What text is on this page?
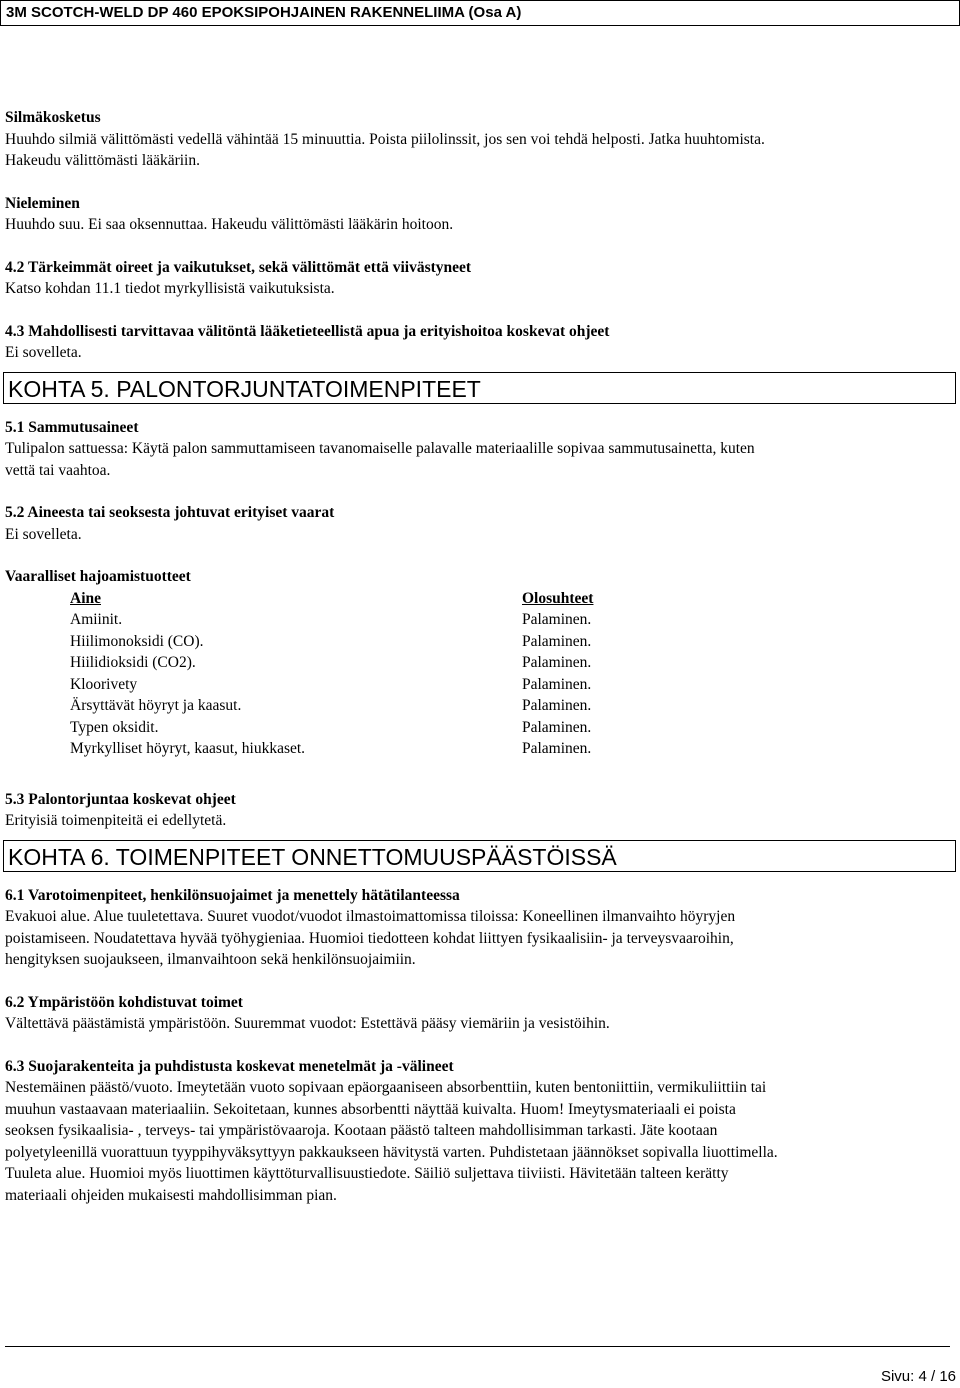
3M SCOTCH-WELD DP 460 EPOKSIPOHJAINEN RAKENNELIIMA (Osa A)
Silmäkosketus
Huuhdo silmiä välittömästi vedellä vähintää 15 minuuttia. Poista piilolinssit, jos sen voi tehdä helposti. Jatka huuhtomista.
Hakeudu välittömästi lääkäriin.
Nieleminen
Huuhdo suu. Ei saa oksennuttaa. Hakeudu välittömästi lääkärin hoitoon.
4.2 Tärkeimmät oireet ja vaikutukset, sekä välittömät että viivästyneet
Katso kohdan 11.1 tiedot myrkyllisistä vaikutuksista.
4.3 Mahdollisesti tarvittavaa välitöntä lääketieteellistä apua ja erityishoitoa koskevat ohjeet
Ei sovelleta.
KOHTA 5. PALONTORJUNTATOIMENPITEET
5.1 Sammutusaineet
Tulipalon sattuessa: Käytä palon sammuttamiseen tavanomaiselle palavalle materiaalille sopivaa sammutusainetta, kuten
vettä tai vaahtoa.
5.2 Aineesta tai seoksesta johtuvat erityiset vaarat
Ei sovelleta.
Vaaralliset hajoamistuotteet
Aine	Olosuhteet
Amiinit.	Palaminen.
Hiilimonoksidi (CO).	Palaminen.
Hiilidioksidi (CO2).	Palaminen.
Kloorivety	Palaminen.
Ärsyttävät höyryt ja kaasut.	Palaminen.
Typen oksidit.	Palaminen.
Myrkylliset höyryt, kaasut, hiukkaset.	Palaminen.
5.3 Palontorjuntaa koskevat ohjeet
Erityisiä toimenpiteitä ei edellytetä.
KOHTA 6. TOIMENPITEET ONNETTOMUUSPÄÄSTÖISSÄ
6.1 Varotoimenpiteet, henkilönsuojaimet ja menettely hätätilanteessa
Evakuoi alue. Alue tuuletettava. Suuret vuodot/vuodot ilmastoimattomissa tiloissa: Koneellinen ilmanvaihto höyryjen
poistamiseen. Noudatettava hyvää työhygieniaa. Huomioi tiedotteen kohdat liittyen fysikaalisiin- ja terveysvaaroihin,
hengityksen suojaukseen, ilmanvaihtoon sekä henkilönsuojaimiin.
6.2 Ympäristöön kohdistuvat toimet
Vältettävä päästämistä ympäristöön. Suuremmat vuodot: Estettävä pääsy viemäriin ja vesistöihin.
6.3 Suojarakenteita ja puhdistusta koskevat menetelmät ja -välineet
Nestemäinen päästö/vuoto. Imeytetään vuoto sopivaan epäorgaaniseen absorbenttiin, kuten bentoniittiin, vermikuliittiin tai
muuhun vastaavaan materiaaliin. Sekoitetaan, kunnes absorbentti näyttää kuivalta. Huom! Imeytysmateriaali ei poista
seoksen fysikaalisia- , terveys- tai ympäristövaaroja. Kootaan päästö talteen mahdollisimman tarkasti. Jäte kootaan
polyetyleenillä vuorattuun tyyppihyväksyttyyn pakkaukseen hävitystä varten. Puhdistetaan jäännökset sopivalla liuottimella.
Tuuleta alue. Huomioi myös liuottimen käyttöturvallisuustiedote. Säiliö suljettava tiiviisti. Hävitetään talteen kerätty
materiaali ohjeiden mukaisesti mahdollisimman pian.
Sivu: 4 / 16
